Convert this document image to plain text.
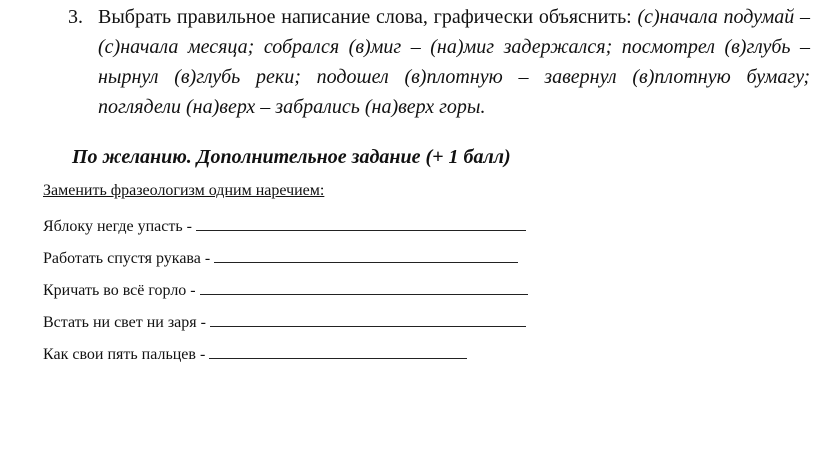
3. Выбрать правильное написание слова, графически объяснить: (с)начала подумай – (с)начала месяца; собрался (в)миг – (на)миг задержался; посмотрел (в)глубь – нырнул (в)глубь реки; подошел (в)плотную – завернул (в)плотную бумагу; поглядели (на)верх – забрались (на)верх горы.
По желанию. Дополнительное задание (+ 1 балл)
Заменить фразеологизм одним наречием:
Яблоку негде упасть -
Работать спустя рукава -
Кричать во всё горло -
Встать ни свет ни заря -
Как свои пять пальцев -
